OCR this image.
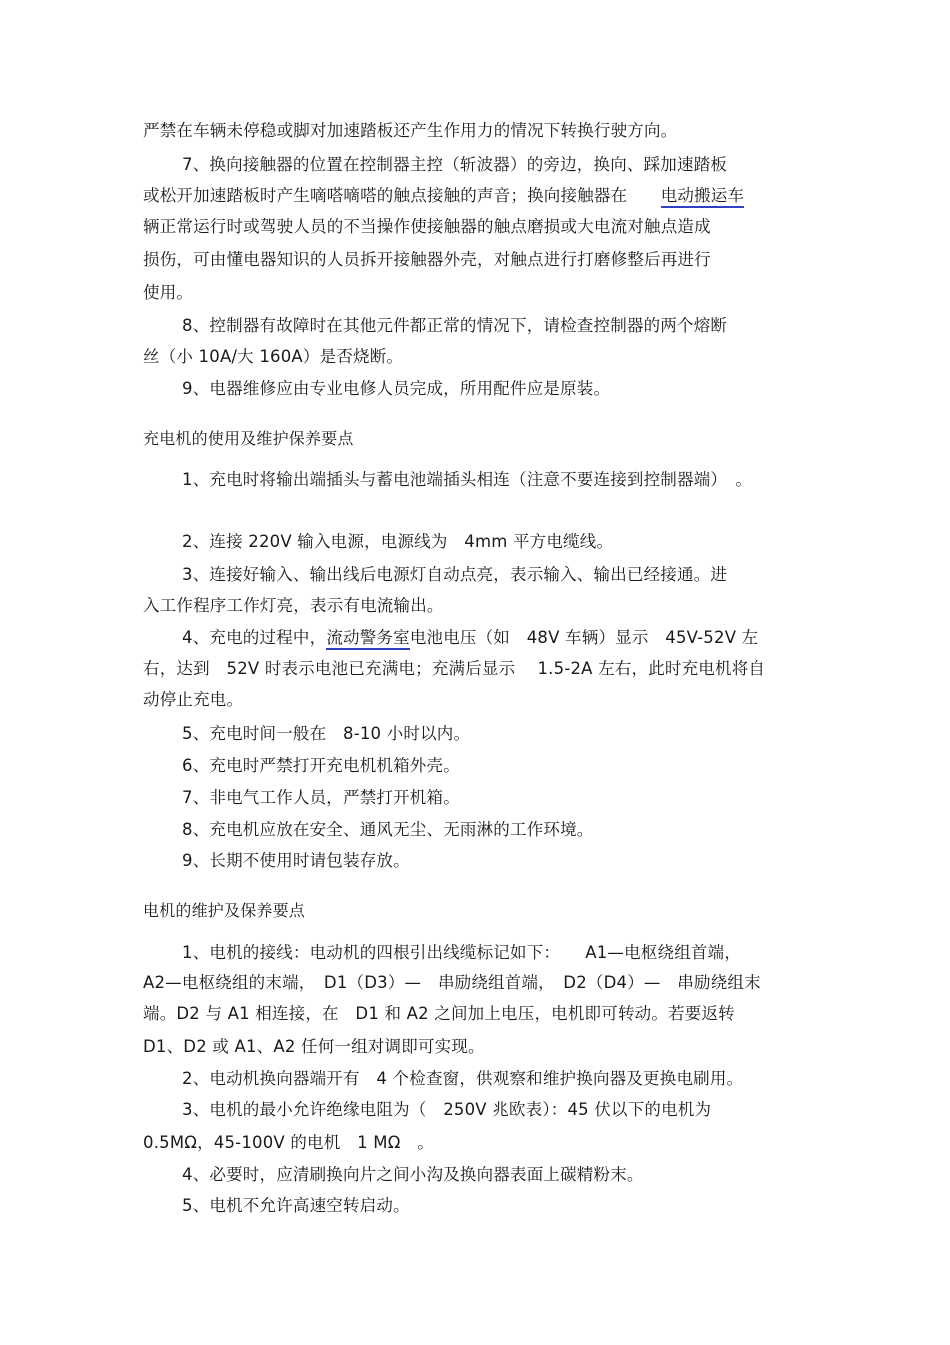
严禁在车辆未停稳或脚对加速踏板还产生作用力的情况下转换行驶方向。
7、换向接触器的位置在控制器主控（斩波器）的旁边，换向、踩加速踏板
或松开加速踏板时产生嘀嗒嘀嗒的触点接触的声音；换向接触器在　　电动搬运车
辆正常运行时或驾驶人员的不当操作使接触器的触点磨损或大电流对触点造成
损伤，可由懂电器知识的人员拆开接触器外壳，对触点进行打磨修整后再进行
使用。
8、控制器有故障时在其他元件都正常的情况下，请检查控制器的两个熔断
丝（小 10A/大 160A）是否烧断。
9、电器维修应由专业电修人员完成，所用配件应是原装。
充电机的使用及维护保养要点
1、充电时将输出端插头与蓄电池端插头相连（注意不要连接到控制器端）　。
2、连接 220V 输入电源，电源线为　4mm 平方电缆线。
3、连接好输入、输出线后电源灯自动点亮，表示输入、输出已经接通。进
入工作程序工作灯亮，表示有电流输出。
4、充电的过程中，流动警务室电池电压（如　48V 车辆）显示　45V-52V 左
右，达到　52V 时表示电池已充满电；充满后显示　 1.5-2A 左右，此时充电机将自
动停止充电。
5、充电时间一般在　8-10 小时以内。
6、充电时严禁打开充电机机箱外壳。
7、非电气工作人员，严禁打开机箱。
8、充电机应放在安全、通风无尘、无雨淋的工作环境。
9、长期不使用时请包装存放。
电机的维护及保养要点
1、电机的接线：电动机的四根引出线缆标记如下：　　A1—电枢绕组首端，
A2—电枢绕组的末端，　D1（D3）—　串励绕组首端，　D2（D4）—　串励绕组末
端。D2 与 A1 相连接，在　D1 和 A2 之间加上电压，电机即可转动。若要返转
D1、D2 或 A1、A2 任何一组对调即可实现。
2、电动机换向器端开有　4 个检查窗，供观察和维护换向器及更换电刷用。
3、电机的最小允许绝缘电阻为（　250V 兆欧表）：45 伏以下的电机为
0.5MΩ，45-100V 的电机　1 MΩ　。
4、必要时，应清刷换向片之间小沟及换向器表面上碳精粉末。
5、电机不允许高速空转启动。
